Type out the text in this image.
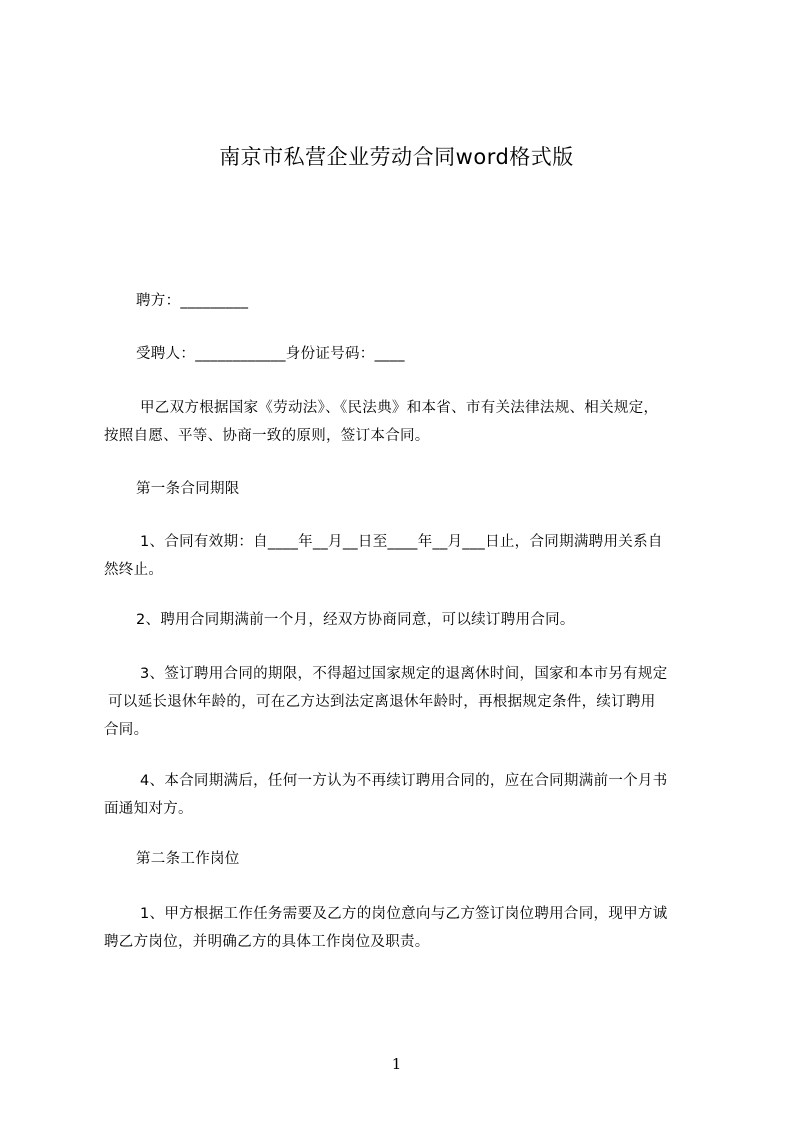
南京市私营企业劳动合同word格式版
聘方：_________
受聘人：____________身份证号码：____
甲乙双方根据国家《劳动法》、《民法典》和本省、市有关法律法规、相关规定，
按照自愿、平等、协商一致的原则，签订本合同。
第一条合同期限
1、合同有效期：自____年__月__日至____年__月___日止，合同期满聘用关系自
然终止。
2、聘用合同期满前一个月，经双方协商同意，可以续订聘用合同。
3、签订聘用合同的期限，不得超过国家规定的退离休时间，国家和本市另有规定
可以延长退休年龄的，可在乙方达到法定离退休年龄时，再根据规定条件，续订聘用
合同。
4、本合同期满后，任何一方认为不再续订聘用合同的，应在合同期满前一个月书
面通知对方。
第二条工作岗位
1、甲方根据工作任务需要及乙方的岗位意向与乙方签订岗位聘用合同，现甲方诚
聘乙方岗位，并明确乙方的具体工作岗位及职责。
1
